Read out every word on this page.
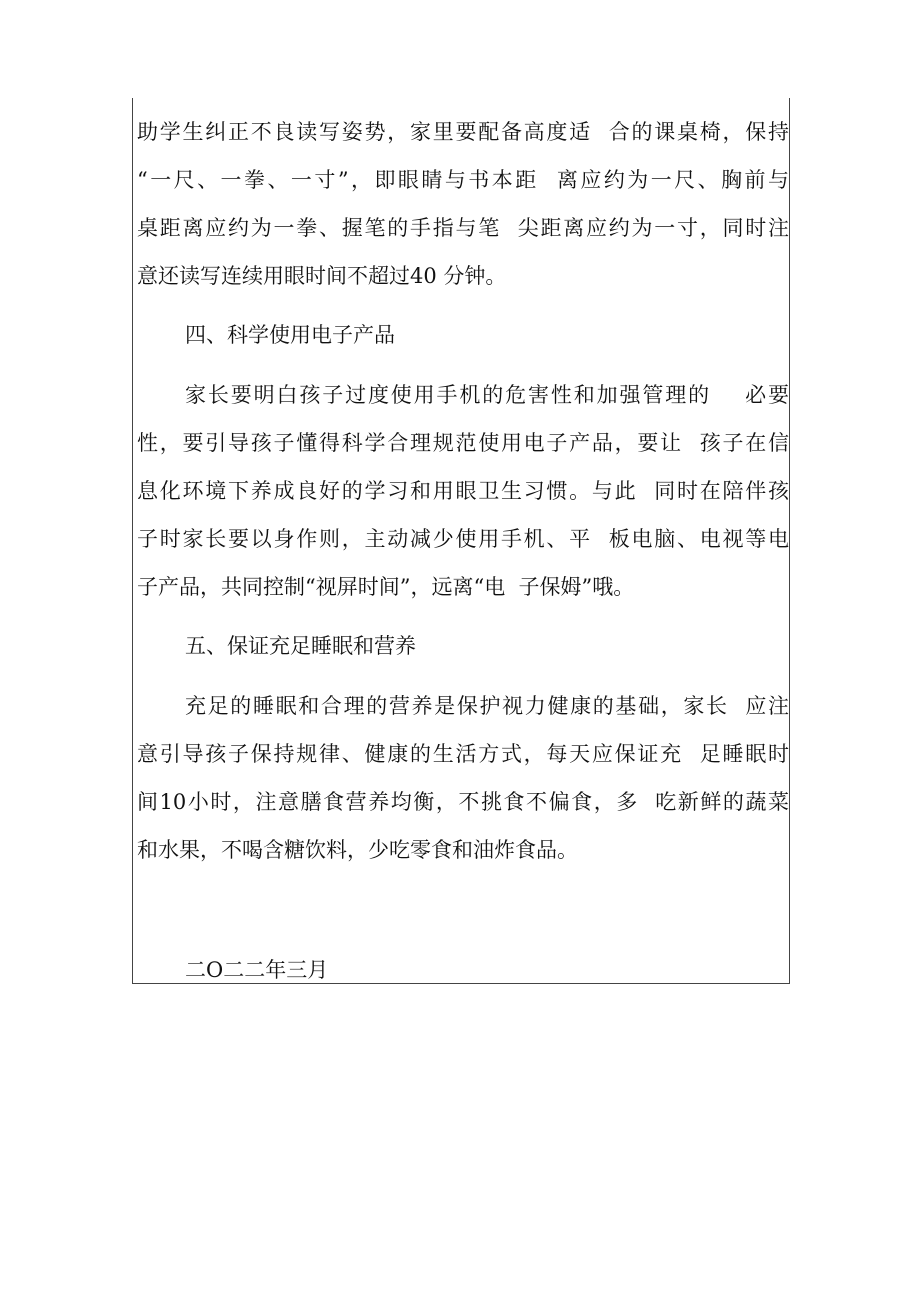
助学生纠正不良读写姿势，家里要配备高度适  合的课桌椅，保持
“一尺、一拳、一寸”，即眼睛与书本距  离应约为一尺、胸前与
桌距离应约为一拳、握笔的手指与笔  尖距离应约为一寸，同时注
意还读写连续用眼时间不超过40 分钟。
四、科学使用电子产品
家长要明白孩子过度使用手机的危害性和加强管理的    必要
性，要引导孩子懂得科学合理规范使用电子产品，要让  孩子在信
息化环境下养成良好的学习和用眼卫生习惯。与此  同时在陪伴孩
子时家长要以身作则，主动减少使用手机、平  板电脑、电视等电
子产品，共同控制“视屏时间”，远离“电  子保姆”哦。
五、保证充足睡眠和营养
充足的睡眠和合理的营养是保护视力健康的基础，家长  应注
意引导孩子保持规律、健康的生活方式，每天应保证充  足睡眠时
间10小时，注意膳食营养均衡，不挑食不偏食，多  吃新鲜的蔬菜
和水果，不喝含糖饮料，少吃零食和油炸食品。
二O二二年三月
